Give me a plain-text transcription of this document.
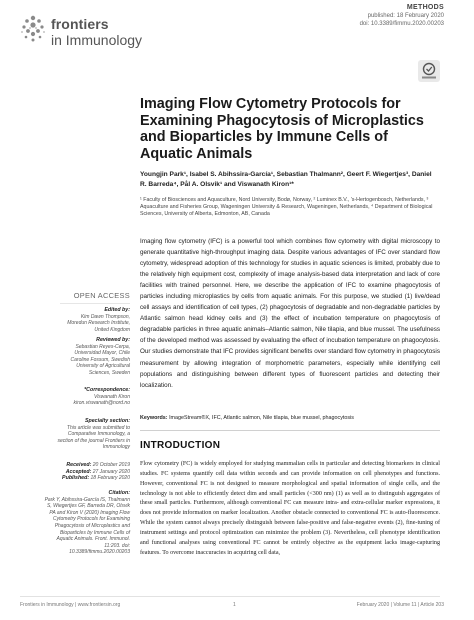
frontiers
in Immunology
METHODS
published: 18 February 2020
doi: 10.3389/fimmu.2020.00203
Imaging Flow Cytometry Protocols for Examining Phagocytosis of Microplastics and Bioparticles by Immune Cells of Aquatic Animals
Youngjin Park¹, Isabel S. Abihssira-García¹, Sebastian Thalmann², Geert F. Wiegertjes³, Daniel R. Barreda⁴, Pål A. Olsvik¹ and Viswanath Kiron¹*
¹ Faculty of Biosciences and Aquaculture, Nord University, Bodø, Norway, ² Luminex B.V., 's-Hertogenbosch, Netherlands, ³ Aquaculture and Fisheries Group, Wageningen University & Research, Wageningen, Netherlands, ⁴ Department of Biological Sciences, University of Alberta, Edmonton, AB, Canada

Imaging flow cytometry (IFC) is a powerful tool which combines flow cytometry with digital microscopy to generate quantitative high-throughput imaging data. Despite various advantages of IFC over standard flow cytometry, widespread adoption of this technology for studies in aquatic sciences is limited, probably due to the relatively high equipment cost, complexity of image analysis-based data interpretation and lack of core facilities with trained personnel. Here, we describe the application of IFC to examine phagocytosis of particles including microplastics by cells from aquatic animals. For this purpose, we studied (1) live/dead cell assays and identification of cell types, (2) phagocytosis of degradable and non-degradable particles by Atlantic salmon head kidney cells and (3) the effect of incubation temperature on phagocytosis of degradable particles in three aquatic animals–Atlantic salmon, Nile tilapia, and blue mussel. The usefulness of the developed method was assessed by evaluating the effect of incubation temperature on phagocytosis. Our studies demonstrate that IFC provides significant benefits over standard flow cytometry in phagocytosis measurement by allowing integration of morphometric parameters, especially while identifying cell populations and distinguishing between different types of fluorescent particles and detecting their localization.

Keywords: ImageStream®X, IFC, Atlantic salmon, Nile tilapia, blue mussel, phagocytosis
INTRODUCTION

Flow cytometry (FC) is widely employed for studying mammalian cells in particular and detecting biomarkers in clinical studies. FC systems quantify cell data within seconds and can provide information on cell phenotypes and functions. However, conventional FC is not designed to measure morphological and spatial information of single cells, and the technology is not able to efficiently detect dim and small particles (<300 nm) (1) as well as to distinguish aggregates of these small particles. Furthermore, although conventional FC can measure intra- and extra-cellular marker expressions, it does not provide information on marker localization. Another obstacle connected to conventional FC is auto-fluorescence. While the system cannot always precisely distinguish between false-positive and false-negative events (2), fine-tuning of instrument settings and protocol optimization can minimize the problem (3). Nevertheless, cell phenotype identification and functional analyses using conventional FC cannot be entirely objective as the equipment lacks image-capturing features. To overcome inaccuracies in acquiring cell data,

OPEN ACCESS
Edited by:
Kim Dawn Thompson, Moredun Research Institute, United Kingdom
Reviewed by:
Sebastian Reyes-Cerpa, Universidad Mayor, Chile Caroline Fossum, Swedish University of Agricultural Sciences, Sweden
*Correspondence:
Viswanath Kiron kiron.viswanath@nord.no
Specialty section:
This article was submitted to Comparative Immunology, a section of the journal Frontiers in Immunology
Received: 20 October 2019
Accepted: 27 January 2020
Published: 18 February 2020
Citation:
Park Y, Abihssira-García IS, Thalmann S, Wiegertjes GF, Barreda DR, Olsvik PA and Kiron V (2020) Imaging Flow Cytometry Protocols for Examining Phagocytosis of Microplastics and Bioparticles by Immune Cells of Aquatic Animals. Front. Immunol. 11:203. doi: 10.3389/fimmu.2020.00203
Frontiers in Immunology | www.frontiersin.org	1	February 2020 | Volume 11 | Article 203
